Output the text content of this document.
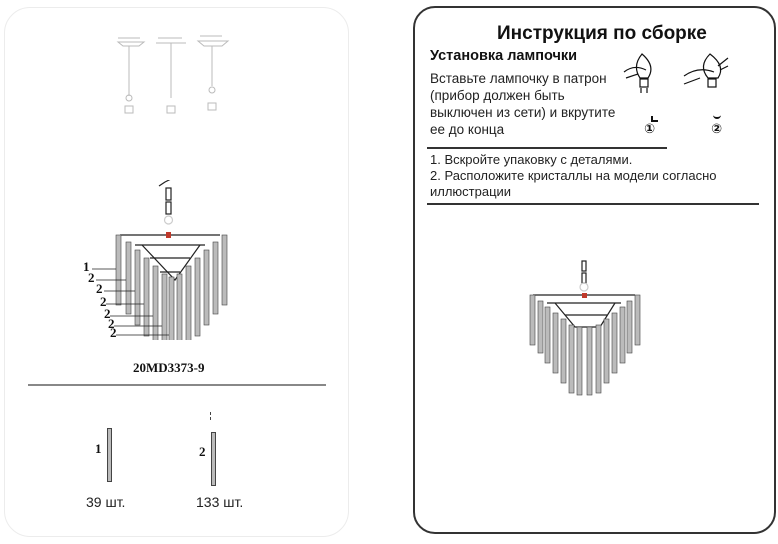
1
2
2
2
2
2
2
20MD3373-9
1
39 шт.
2
133 шт.
Инструкция по сборке
Установка лампочки
Вставьте лампочку в патрон (прибор должен быть выключен из сети) и вкрутите ее до конца	①	②
1. Вскройте упаковку с деталями.
2. Расположите кристаллы на модели согласно иллюстрации
